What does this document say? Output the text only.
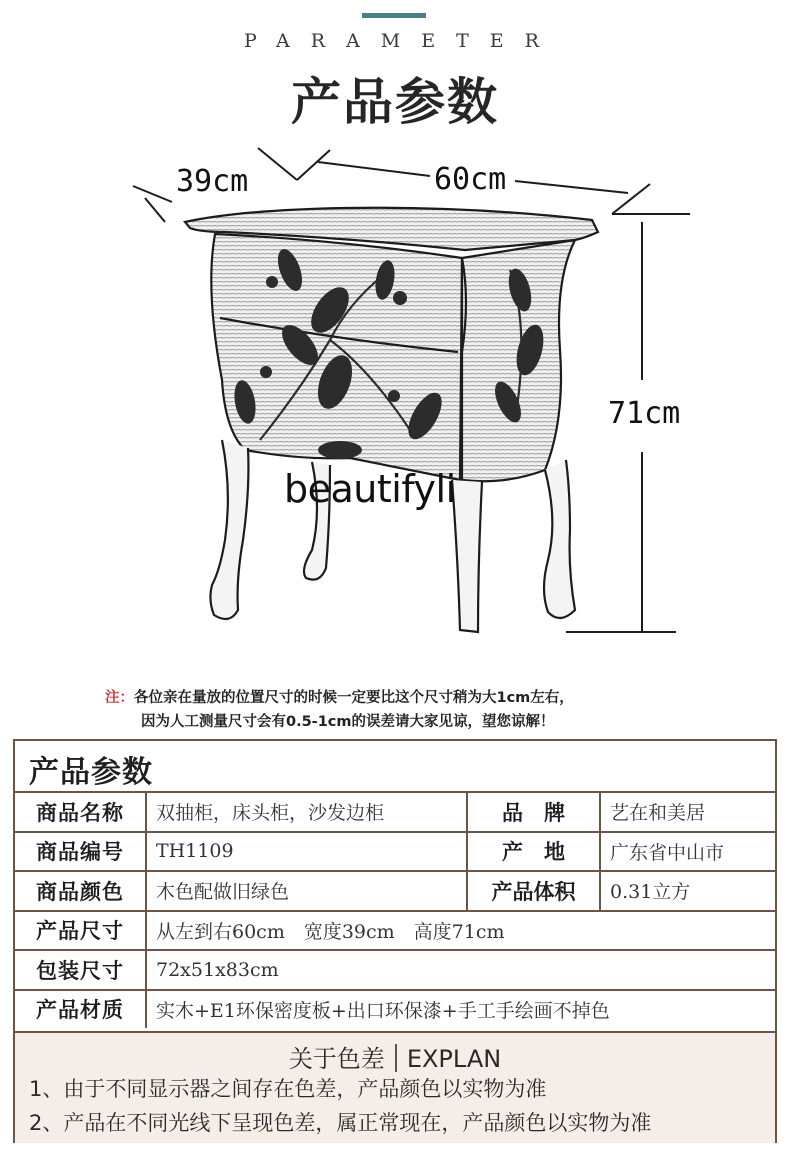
PARAMETER
产品参数
39cm	60cm
71cm
beautifyli
注：各位亲在量放的位置尺寸的时候一定要比这个尺寸稍为大1cm左右，
因为人工测量尺寸会有0.5-1cm的误差请大家见谅，望您谅解！
产品参数
商品名称	双抽柜，床头柜，沙发边柜	品　牌	艺在和美居
商品编号	TH1109	产　地	广东省中山市
商品颜色	木色配做旧绿色	产品体积	0.31立方
产品尺寸	从左到右60cm　宽度39cm　高度71cm
包装尺寸	72x51x83cm
产品材质	实木+E1环保密度板+出口环保漆+手工手绘画不掉色
关于色差 EXPLAN
1、由于不同显示器之间存在色差，产品颜色以实物为准
2、产品在不同光线下呈现色差，属正常现在，产品颜色以实物为准
